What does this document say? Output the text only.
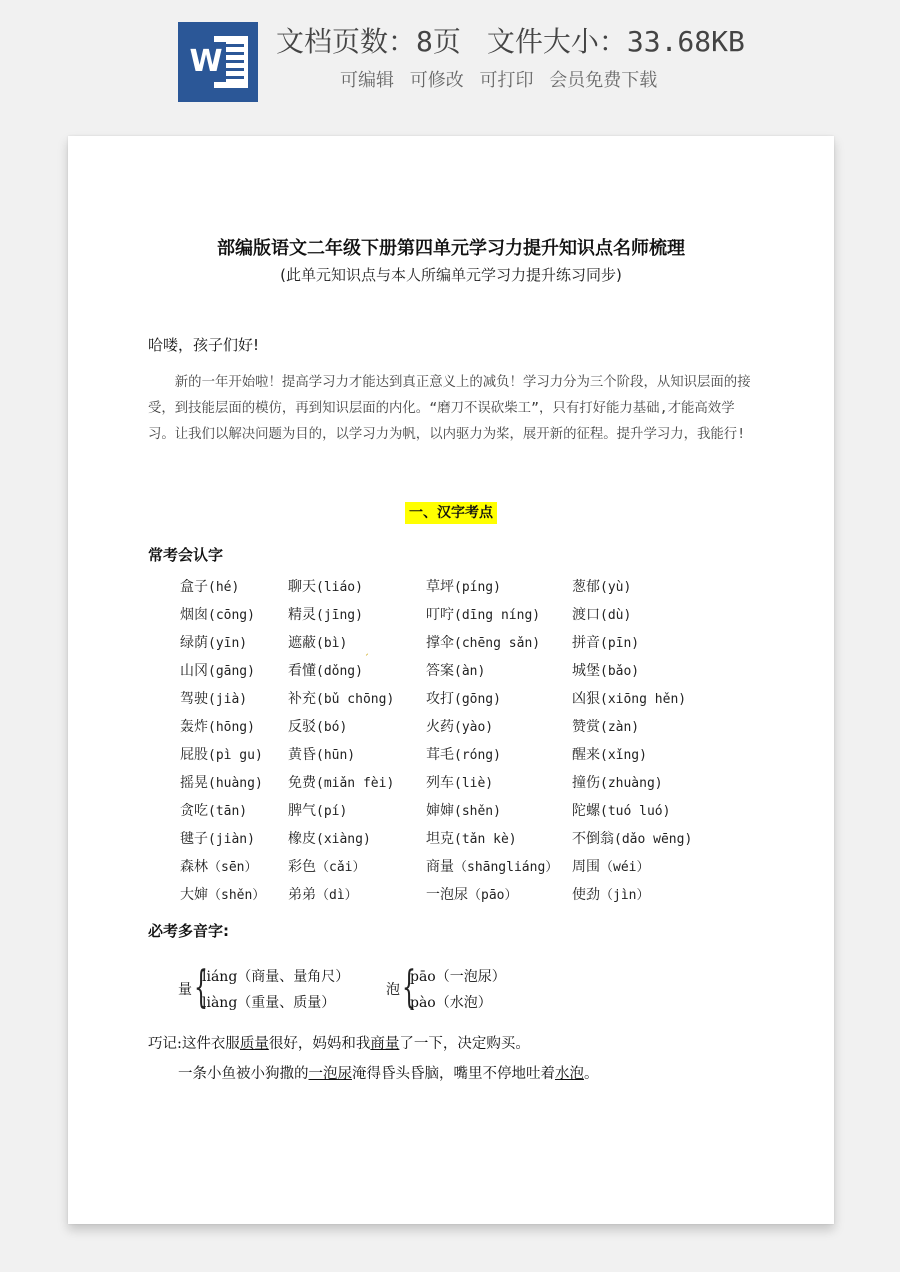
W
文档页数：8页 文件大小：33.68KB
可编辑 可修改 可打印 会员免费下载
部编版语文二年级下册第四单元学习力提升知识点名师梳理
(此单元知识点与本人所编单元学习力提升练习同步)
哈喽，孩子们好!
新的一年开始啦！提高学习力才能达到真正意义上的减负！学习力分为三个阶段，从知识层面的接受，到技能层面的模仿，再到知识层面的内化。“磨刀不误砍柴工”，只有打好能力基础,才能高效学习。让我们以解决问题为目的，以学习力为帆，以内驱力为桨，展开新的征程。提升学习力，我能行!
一、汉字考点
常考会认字
盒子(hé)	聊天(liáo)	草坪(píng)	葱郁(yù)
烟囱(cōng) 精灵(jīng)	叮咛(dīng níng) 渡口(dù)
绿荫(yīn)	遮蔽(bì)	撑伞(chēng sǎn) 拼音(pīn)
山冈(gāng) 看懂(dǒng)	答案(àn)	城堡(bǎo)
驾驶(jià)	补充(bǔ chōng) 攻打(gōng)	凶狠(xiōng hěn)
轰炸(hōng) 反驳(bó)	火药(yào)	赞赏(zàn)
屁股(pì gu) 黄昏(hūn)	茸毛(róng)	醒来(xǐng)
摇晃(huàng) 免费(miǎn fèi) 列车(liè)	撞伤(zhuàng)
贪吃(tān)	脾气(pí)	婶婶(shěn)	陀螺(tuó luó)
毽子(jiàn) 橡皮(xiàng)	坦克(tǎn kè)	不倒翁(dǎo wēng)
森林（sēn） 彩色（cǎi）	商量（shāngliáng） 周围（wéi）
大婶（shěn） 弟弟（dì）	一泡尿（pāo）	使劲（jìn）
ˏ
必考多音字:
量 {
liáng（商量、量角尺）
liàng（重量、质量）
泡 {
pāo（一泡尿）
pào（水泡）
巧记:这件衣服质量很好，妈妈和我商量了一下，决定购买。
一条小鱼被小狗撒的一泡尿淹得昏头昏脑，嘴里不停地吐着水泡。
